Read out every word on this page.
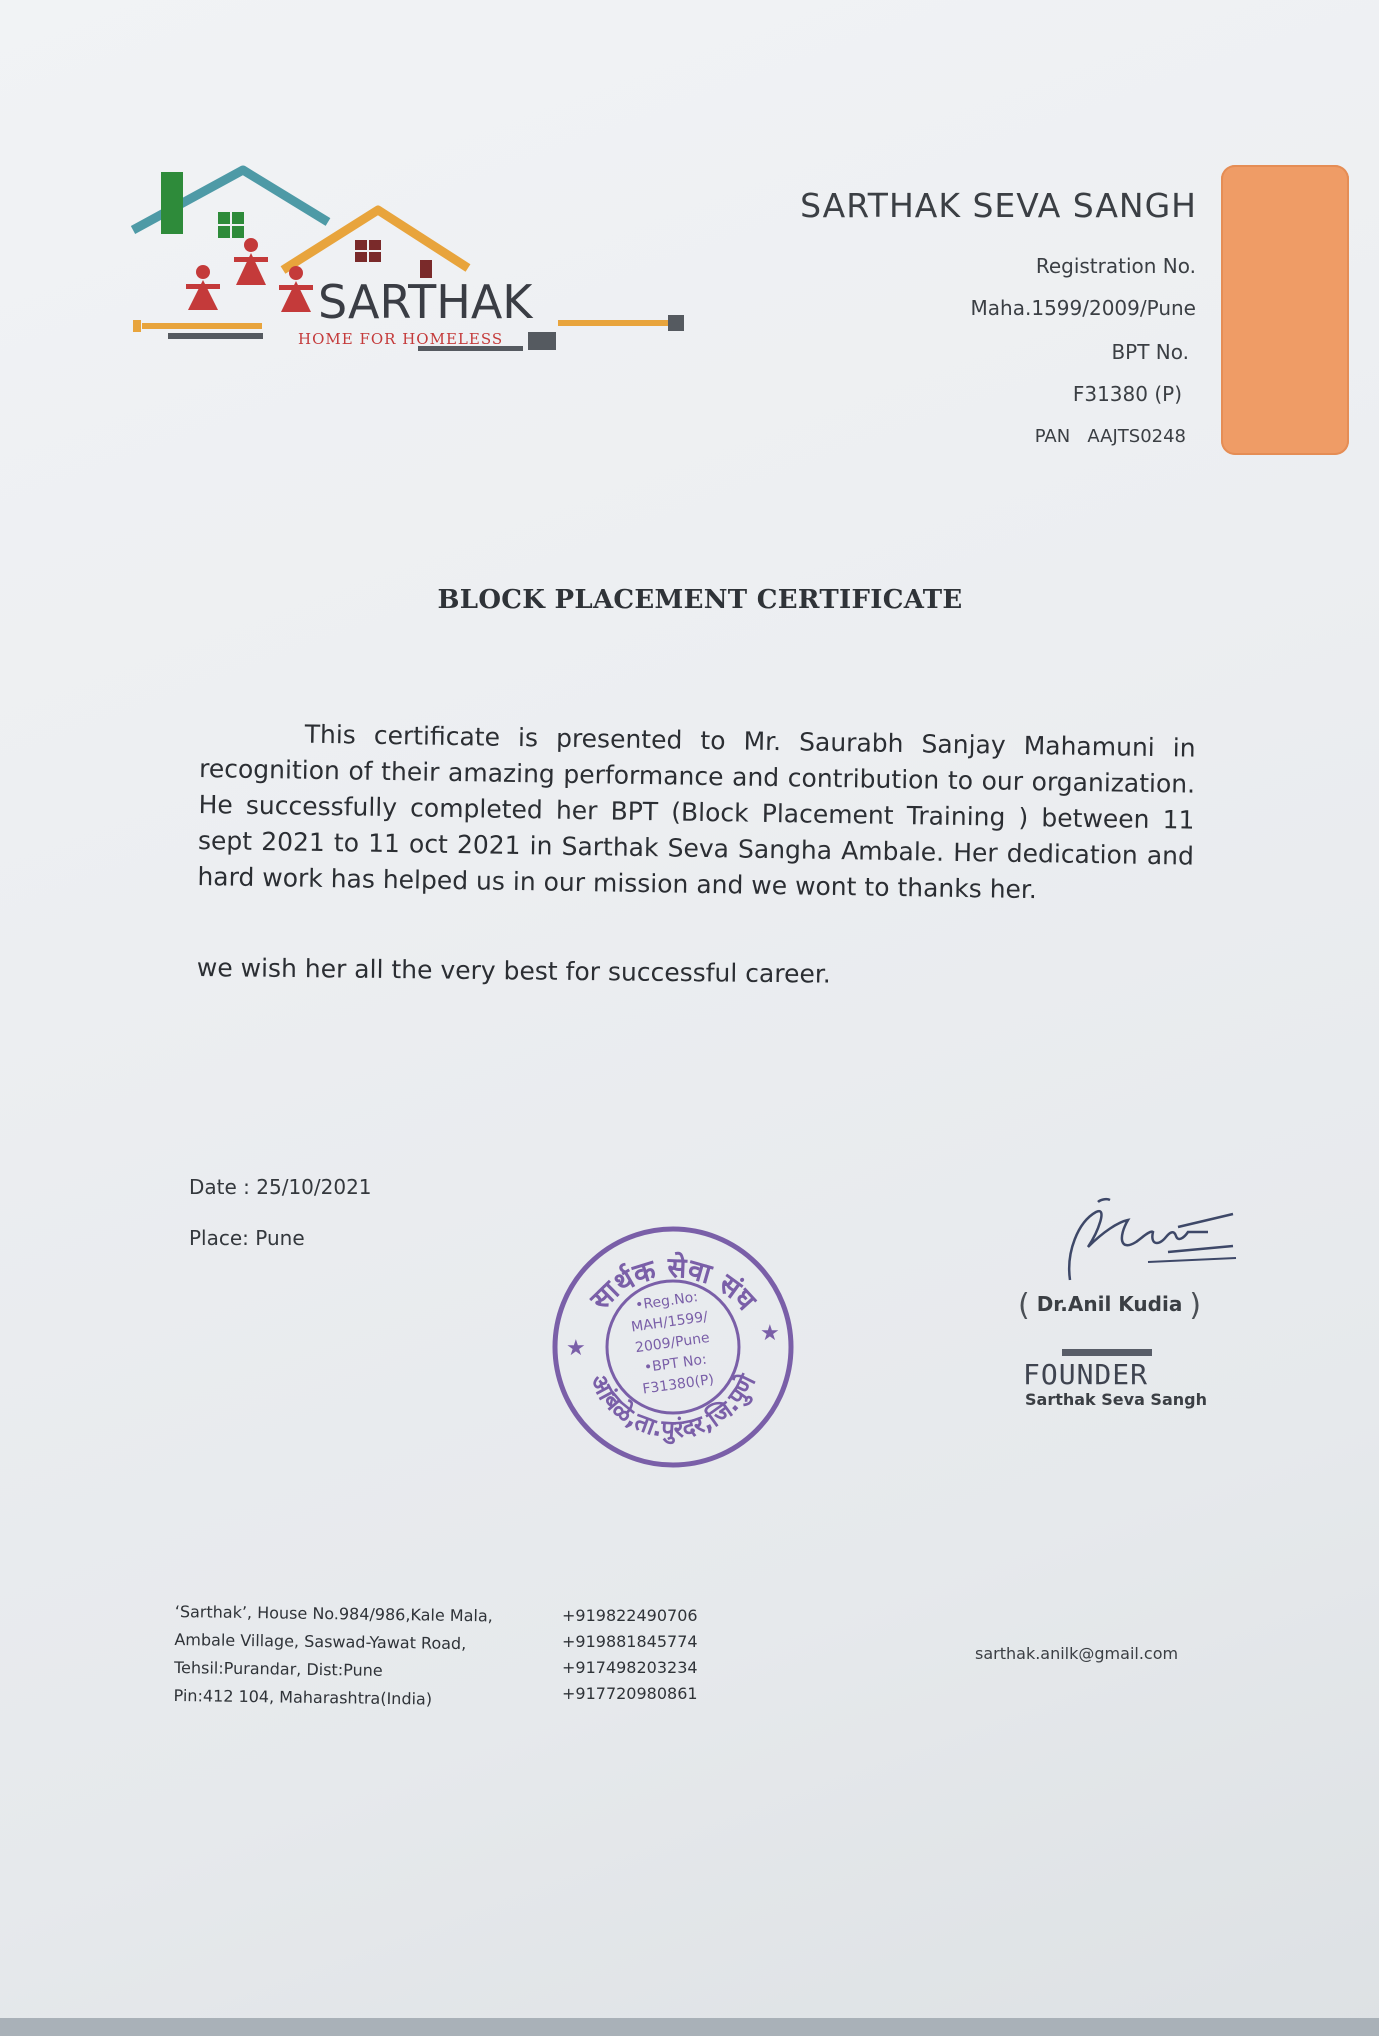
SARTHAK
HOME FOR HOMELESS
SARTHAK SEVA SANGH
Registration No.
Maha.1599/2009/Pune
BPT No.
F31380 (P)
PAN   AAJTS0248
BLOCK PLACEMENT CERTIFICATE
This certificate is presented to Mr. Saurabh Sanjay Mahamuni in recognition of their amazing performance and contribution to our organization. He successfully completed her BPT (Block Placement Training ) between 11 sept 2021 to 11 oct 2021 in Sarthak Seva Sangha Ambale. Her dedication and hard work has helped us in our mission and we wont to thanks her.
we wish her all the very best for successful career.
Date : 25/10/2021
Place: Pune
सार्थक सेवा संघ
आंबळे,ता.पुरंदर,जि.पुणे
★
★
•Reg.No:
MAH/1599/
2009/Pune
•BPT No:
F31380(P)
( Dr.Anil Kudia )
FOUNDER
Sarthak Seva Sangh
‘Sarthak’, House No.984/986,Kale Mala,
Ambale Village, Saswad-Yawat Road,
Tehsil:Purandar, Dist:Pune
Pin:412 104, Maharashtra(India)
+919822490706
+919881845774
+917498203234
+917720980861
sarthak.anilk@gmail.com
